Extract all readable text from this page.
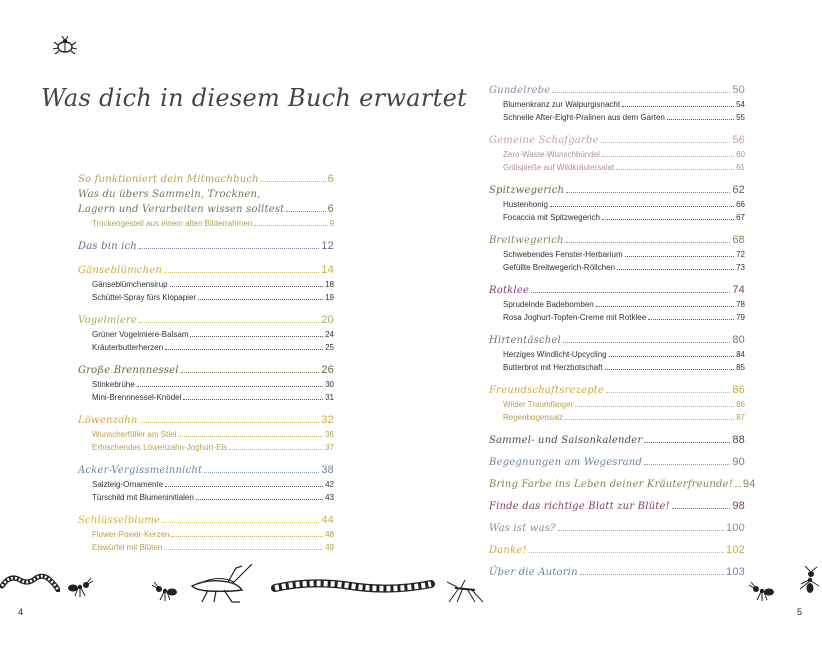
Was dich in diesem Buch erwartet
So funktioniert dein Mitmachbuch	6
Was du übers Sammeln, Trocknen,
Lagern und Verarbeiten wissen solltest	6
Trockengestell aus einem alten Bilderrahmen	9
Das bin ich	12
Gänseblümchen	14
Gänseblümchensirup	18
Schüttel-Spray fürs Klopapier	19
Vogelmiere	20
Grüner Vogelmiere-Balsam	24
Kräuterbutterherzen	25
Große Brennnessel	26
Stinkebrühe	30
Mini-Brennnessel-Knödel	31
Löwenzahn	32
Wunscherfüller am Stiel	36
Erfrischendes Löwenzahn-Joghurt-Eis	37
Acker-Vergissmeinnicht	38
Salzteig-Ornamente	42
Türschild mit Blumeninitialen	43
Schlüsselblume	44
Flower-Power-Kerzen	48
Eiswürfel mit Blüten	49
4
Gundelrebe	50
Blumenkranz zur Walpurgisnacht	54
Schnelle After-Eight-Pralinen aus dem Garten	55
Gemeine Schafgarbe	56
Zero-Waste-Wunschbündel	60
Grillspieße auf Wildkräutersalat	61
Spitzwegerich	62
Hustenhonig	66
Focaccia mit Spitzwegerich	67
Breitwegerich	68
Schwebendes Fenster-Herbarium	72
Gefüllte Breitwegerich-Röllchen	73
Rotklee	74
Sprudelnde Badebomben	78
Rosa Joghurt-Topfen-Creme mit Rotklee	79
Hirtentäschel	80
Herziges Windlicht-Upcycling	84
Butterbrot mit Herzbotschaft	85
Freundschaftsrezepte	86
Wilder Traumfänger	86
Regenbogensalz	87
Sammel- und Saisonkalender	88
Begegnungen am Wegesrand	90
Bring Farbe ins Leben deiner Kräuterfreunde! 94
Finde das richtige Blatt zur Blüte!	98
Was ist was?	100
Danke!	102
Über die Autorin	103
5
